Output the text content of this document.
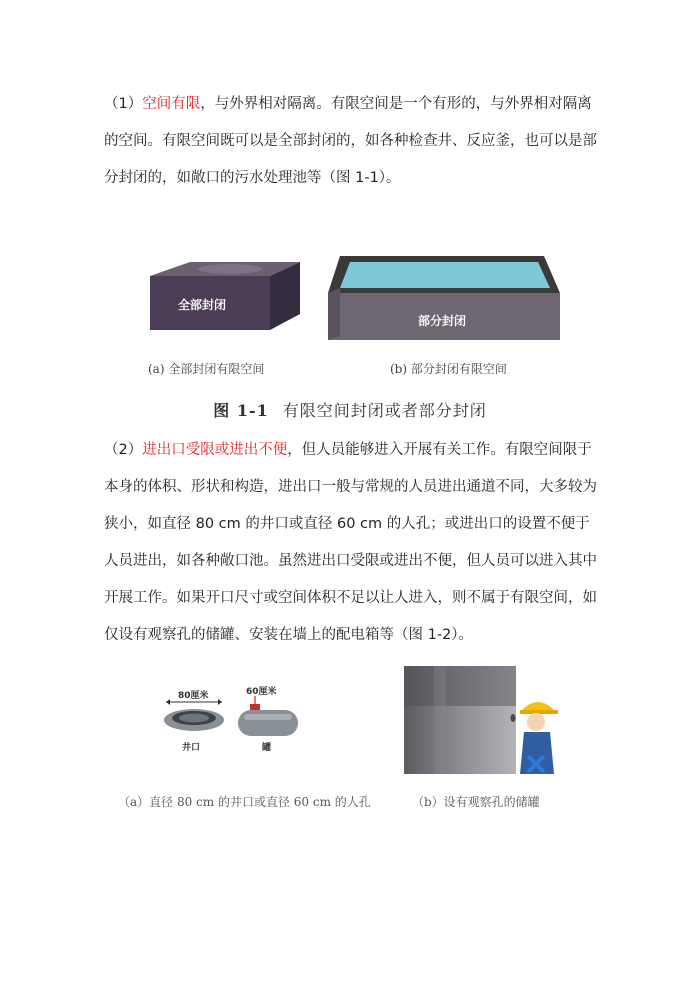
（1）空间有限，与外界相对隔离。有限空间是一个有形的，与外界相对隔离
的空间。有限空间既可以是全部封闭的，如各种检查井、反应釜，也可以是部
分封闭的，如敞口的污水处理池等（图 1-1）。
全部封闭
部分封闭
(a) 全部封闭有限空间	(b) 部分封闭有限空间
图 1-1 有限空间封闭或者部分封闭
（2）进出口受限或进出不便，但人员能够进入开展有关工作。有限空间限于
本身的体积、形状和构造，进出口一般与常规的人员进出通道不同，大多较为
狭小，如直径 80 cm 的井口或直径 60 cm 的人孔；或进出口的设置不便于
人员进出，如各种敞口池。虽然进出口受限或进出不便，但人员可以进入其中
开展工作。如果开口尺寸或空间体积不足以让人进入，则不属于有限空间，如
仅设有观察孔的储罐、安装在墙上的配电箱等（图 1-2）。
80厘米
井口
60厘米
罐
（a）直径 80 cm 的井口或直径 60 cm 的人孔	（b）设有观察孔的储罐
